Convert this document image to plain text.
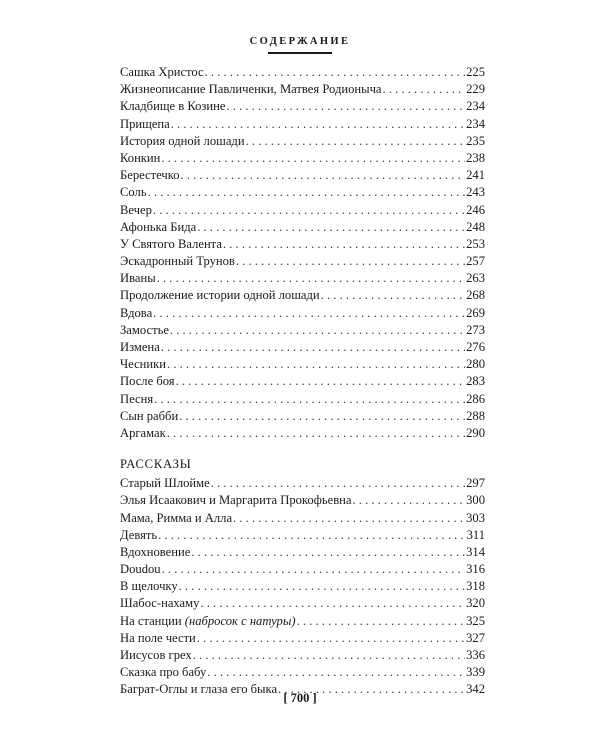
СОДЕРЖАНИЕ
Сашка Христос . . .	225
Жизнеописание Павличенки, Матвея Родионыча . . .	229
Кладбище в Козине . . .	234
Прищепа . . .	234
История одной лошади . . .	235
Конкин . . .	238
Берестечко . . .	241
Соль . . .	243
Вечер . . .	246
Афонька Бида . . .	248
У Святого Валента . . .	253
Эскадронный Трунов . . .	257
Иваны . . .	263
Продолжение истории одной лошади . . .	268
Вдова . . .	269
Замостье . . .	273
Измена . . .	276
Чесники . . .	280
После боя . . .	283
Песня . . .	286
Сын рабби . . .	288
Аргамак . . .	290
РАССКАЗЫ
Старый Шлойме . . .	297
Элья Исаакович и Маргарита Прокофьевна . . .	300
Мама, Римма и Алла . . .	303
Девять . . .	311
Вдохновение . . .	314
Doudou . . .	316
В щелочку . . .	318
Шабос-нахаму . . .	320
На станции (набросок с натуры) . . .	325
На поле чести . . .	327
Иисусов грех . . .	336
Сказка про бабу . . .	339
Баграт-Оглы и глаза его быка . . .	342
[ 700 ]
